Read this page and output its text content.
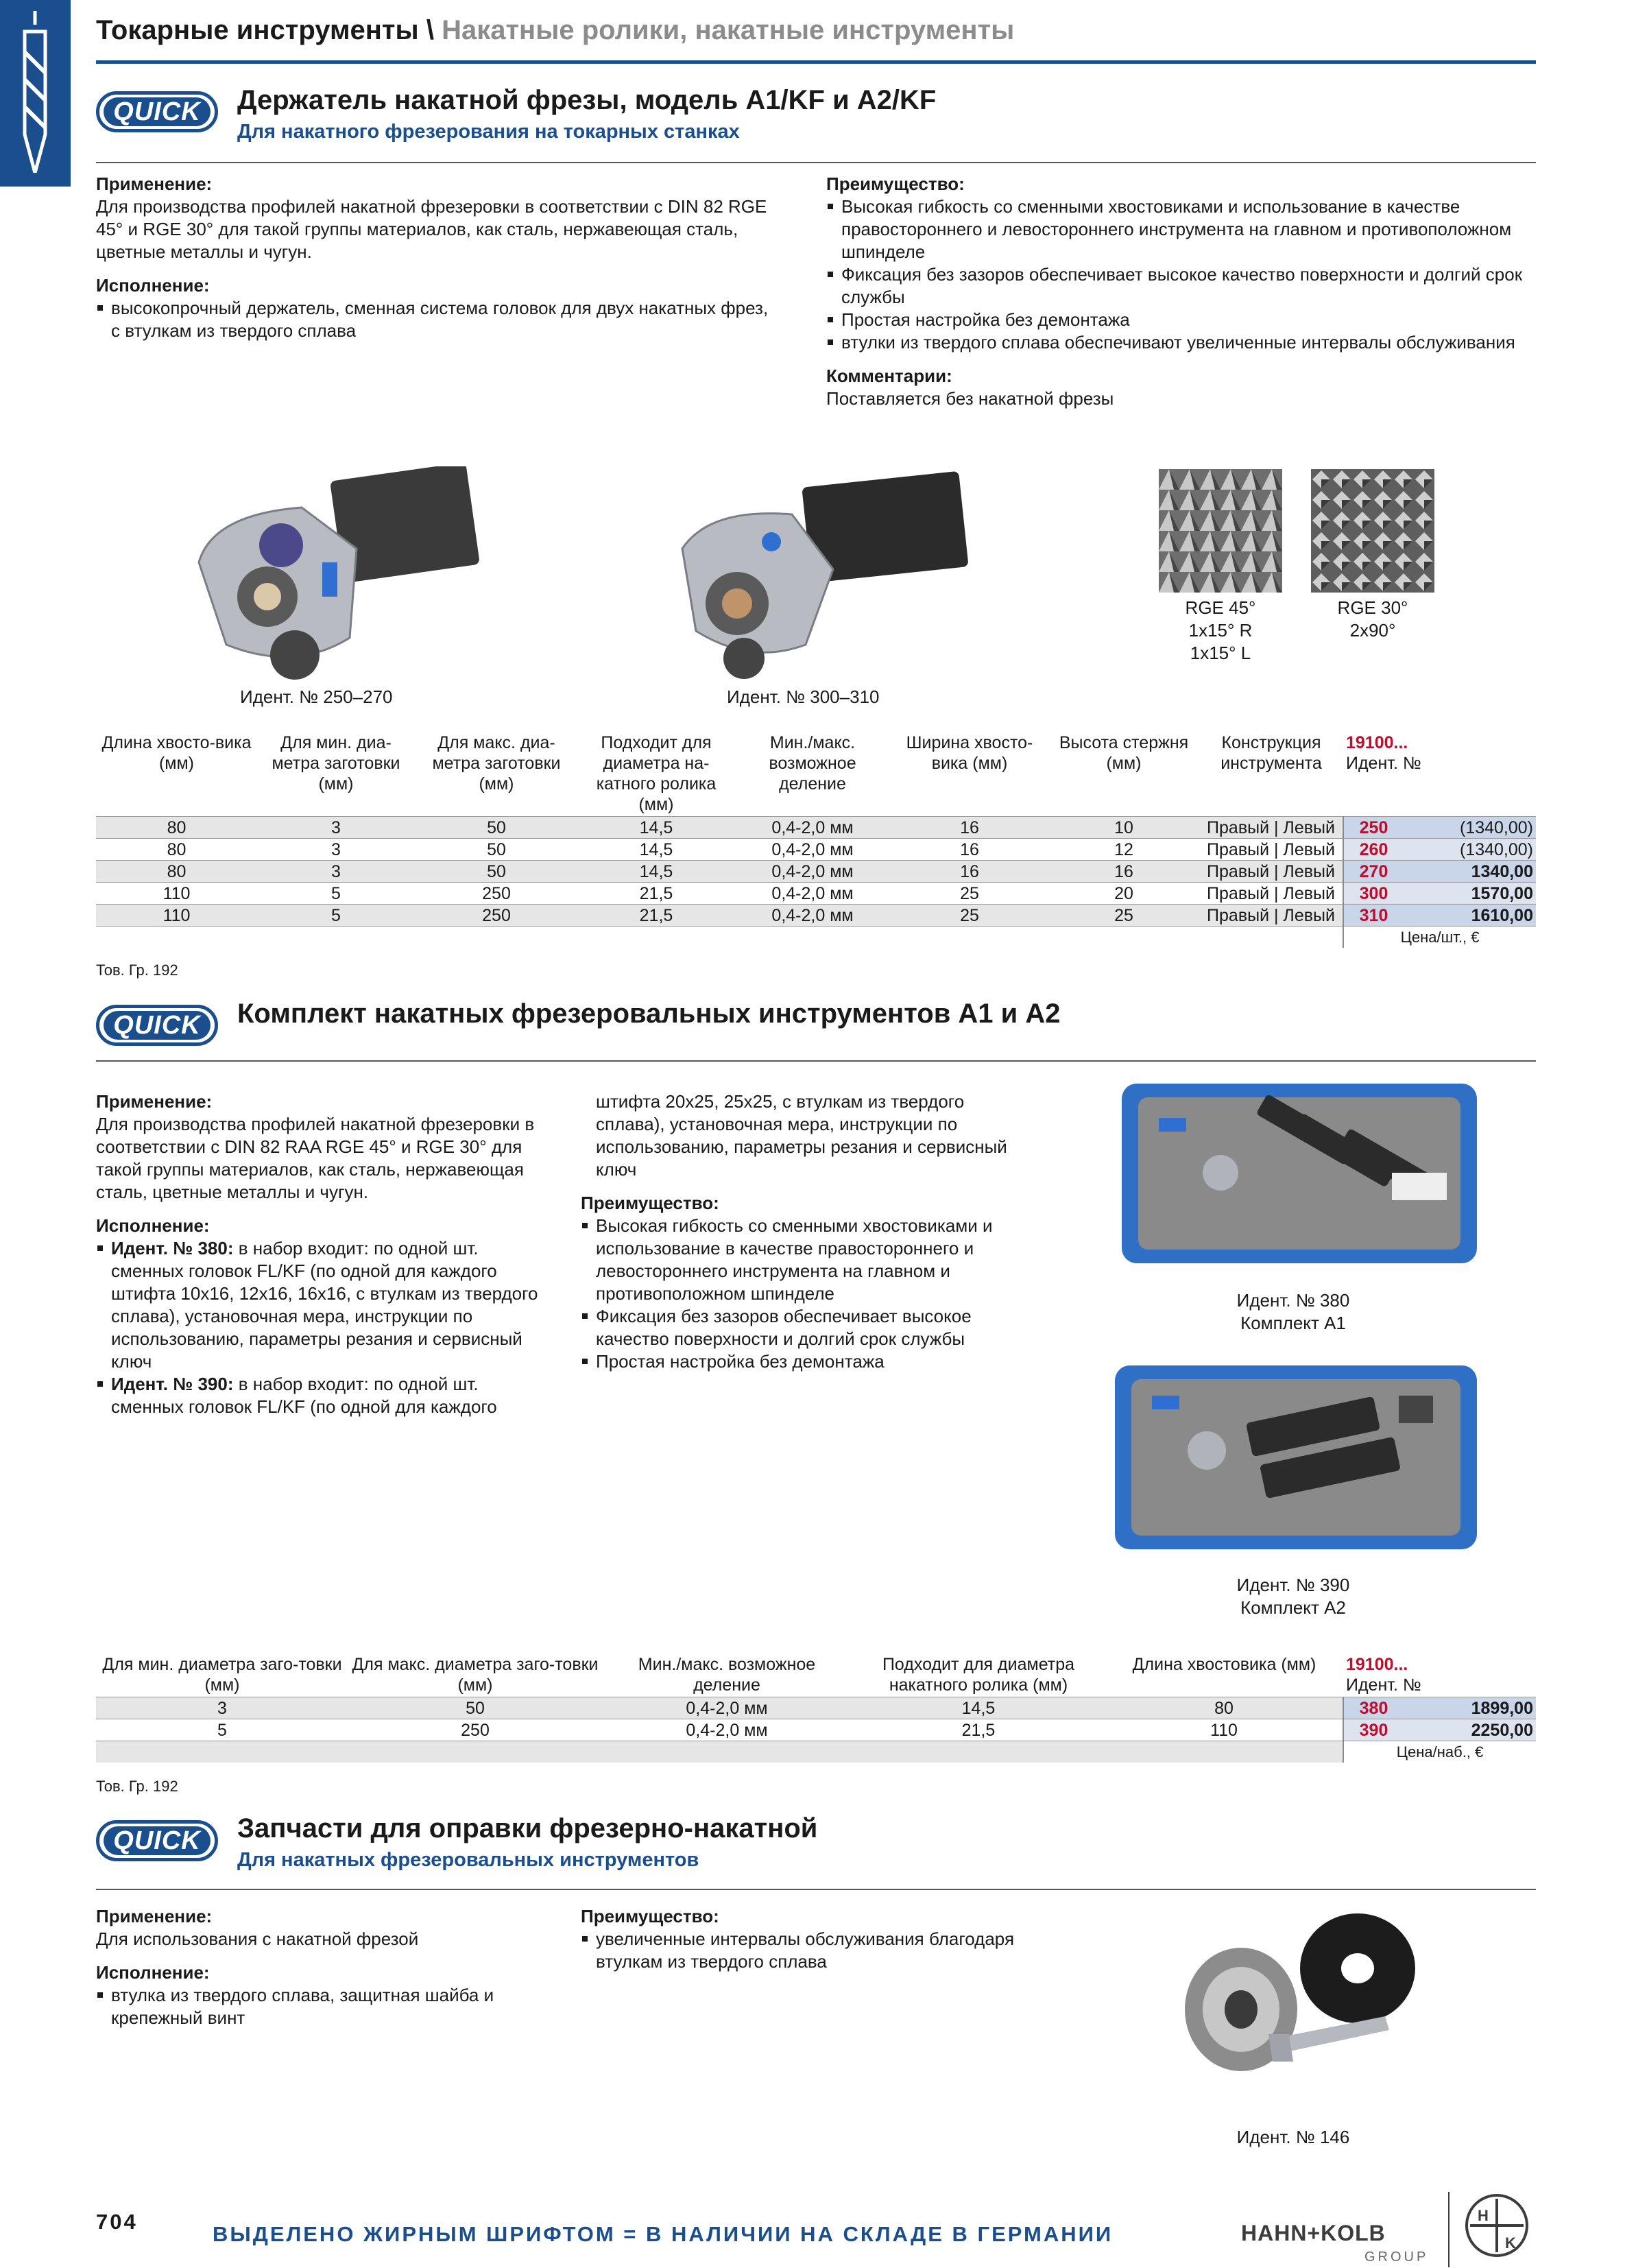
Токарные инструменты \ Накатные ролики, накатные инструменты
QUICK	Держатель накатной фрезы, модель A1/KF и A2/KF
Для накатного фрезерования на токарных станках
Применение:

Для производства профилей накатной фрезеровки в соответствии с DIN 82 RGE 45° и RGE 30° для такой группы материалов, как сталь, нержавеющая сталь, цветные металлы и чугун.

Исполнение:
высокопрочный держатель, сменная система головок для двух накатных фрез, с втулкам из твердого сплава
Преимущество:
Высокая гибкость со сменными хвостовиками и использование в качестве правостороннего и левостороннего инструмента на главном и противоположном шпинделе
Фиксация без зазоров обеспечивает высокое качество поверхности и долгий срок службы
Простая настройка без демонтажа
втулки из твердого сплава обеспечивают увеличенные интервалы обслуживания
Комментарии:

Поставляется без накатной фрезы

Идент. № 250–270	Идент. № 300–310
RGE 45°
1x15° R
1x15° L
RGE 30°
2x90°
Длина хвосто-вика (мм)	Для мин. диа-метра заготовки (мм)	Для макс. диа-метра заготовки (мм)	Подходит для диаметра на-катного ролика (мм)	Мин./макс. возможное деление	Ширина хвосто-вика (мм)	Высота стержня (мм)	Конструкция инструмента	19100...
Идент. №	

80	3	50	14,5	0,4-2,0 мм	16	10	Правый | Левый	250	(1340,00)
80	3	50	14,5	0,4-2,0 мм	16	12	Правый | Левый	260	(1340,00)
80	3	50	14,5	0,4-2,0 мм	16	16	Правый | Левый	270	1340,00
110	5	250	21,5	0,4-2,0 мм	25	20	Правый | Левый	300	1570,00
110	5	250	21,5	0,4-2,0 мм	25	25	Правый | Левый	310	1610,00
								Цена/шт., €	
Тов. Гр. 192
QUICK	Комплект накатных фрезеровальных инструментов A1 и A2
Применение:

Для производства профилей накатной фрезеровки в соответствии с DIN 82 RAA RGE 45° и RGE 30° для такой группы материалов, как сталь, нержавеющая сталь, цветные металлы и чугун.

Исполнение:
Идент. № 380: в набор входит: по одной шт. сменных головок FL/KF (по одной для каждого штифта 10x16, 12x16, 16x16, с втулкам из твердого сплава), установочная мера, инструкции по использованию, параметры резания и сервисный ключ
Идент. № 390: в набор входит: по одной шт. сменных головок FL/KF (по одной для каждого

штифта 20x25, 25x25, с втулкам из твердого сплава), установочная мера, инструкции по использованию, параметры резания и сервисный ключ

Преимущество:
Высокая гибкость со сменными хвостовиками и использование в качестве правостороннего и левостороннего инструмента на главном и противоположном шпинделе
Фиксация без зазоров обеспечивает высокое качество поверхности и долгий срок службы
Простая настройка без демонтажа
Идент. № 380
Комплект A1
Идент. № 390
Комплект A2
Для мин. диаметра заго-товки (мм)	Для макс. диаметра заго-товки (мм)	Мин./макс. возможное деление	Подходит для диаметра накатного ролика (мм)	Длина хвостовика (мм)	19100...
Идент. №	

3	50	0,4-2,0 мм	14,5	80	380	1899,00
5	250	0,4-2,0 мм	21,5	110	390	2250,00
					Цена/наб., €	
Тов. Гр. 192
QUICK	Запчасти для оправки фрезерно-накатной
Для накатных фрезеровальных инструментов
Применение:

Для использования с накатной фрезой

Исполнение:
втулка из твердого сплава, защитная шайба и крепежный винт
Преимущество:
увеличенные интервалы обслуживания благодаря втулкам из твердого сплава
Идент. № 146
704
ВЫДЕЛЕНО ЖИРНЫМ ШРИФТОМ = В НАЛИЧИИ НА СКЛАДЕ В ГЕРМАНИИ	HAHN+KOLB
GROUP
H
K
